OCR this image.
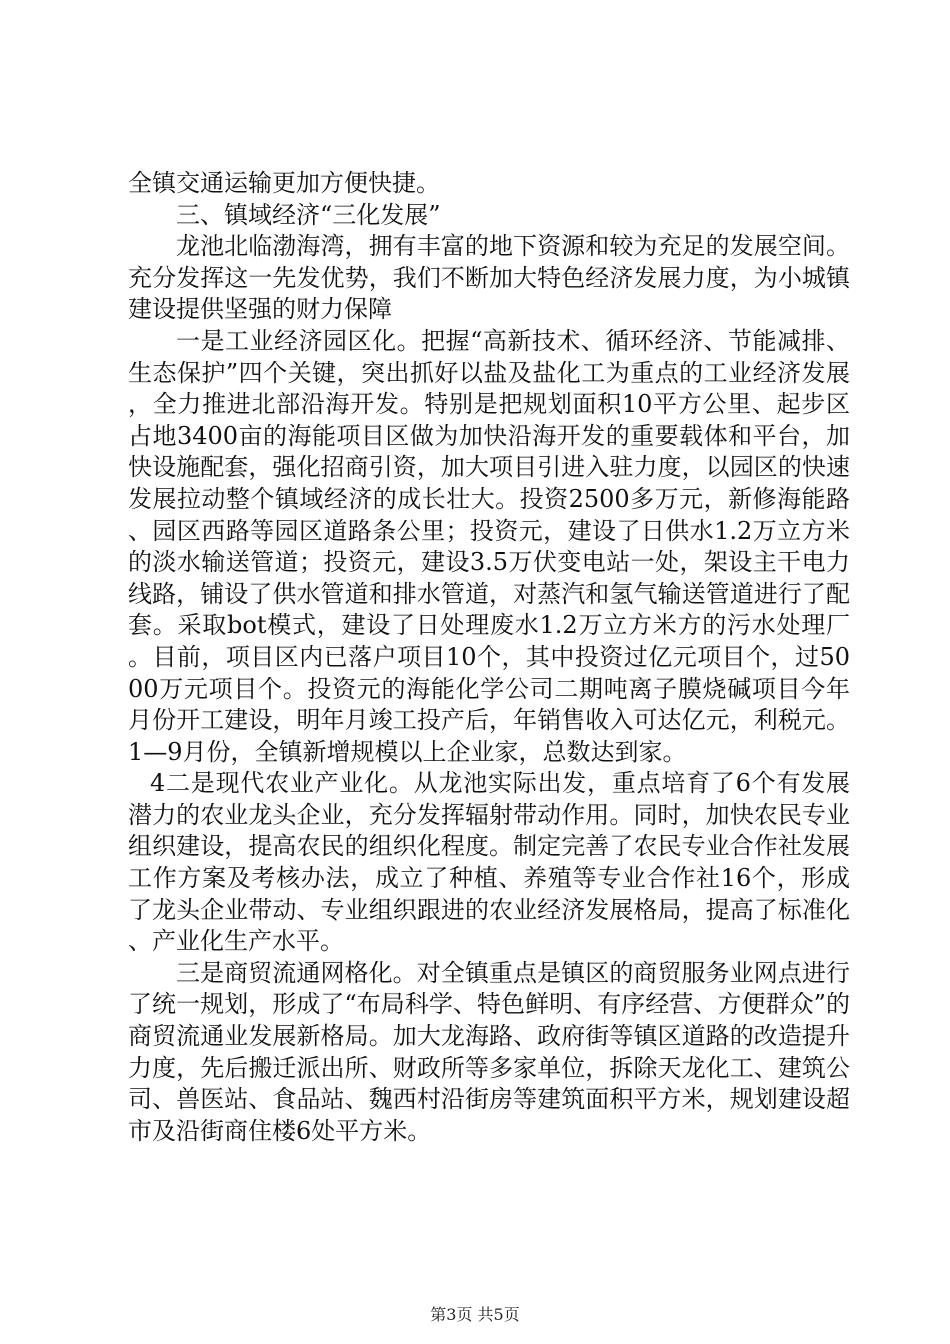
全镇交通运输更加方便快捷。

三、镇域经济“三化发展”

龙池北临渤海湾，拥有丰富的地下资源和较为充足的发展空间。充分发挥这一先发优势，我们不断加大特色经济发展力度，为小城镇建设提供坚强的财力保障

一是工业经济园区化。把握“高新技术、循环经济、节能减排、生态保护”四个关键，突出抓好以盐及盐化工为重点的工业经济发展，全力推进北部沿海开发。特别是把规划面积10平方公里、起步区占地3400亩的海能项目区做为加快沿海开发的重要载体和平台，加快设施配套，强化招商引资，加大项目引进入驻力度，以园区的快速发展拉动整个镇域经济的成长壮大。投资2500多万元，新修海能路、园区西路等园区道路条公里；投资元，建设了日供水1.2万立方米的淡水输送管道；投资元，建设3.5万伏变电站一处，架设主干电力线路，铺设了供水管道和排水管道，对蒸汽和氢气输送管道进行了配套。采取bot模式，建设了日处理废水1.2万立方米方的污水处理厂。目前，项目区内已落户项目10个，其中投资过亿元项目个，过5000万元项目个。投资元的海能化学公司二期吨离子膜烧碱项目今年月份开工建设，明年月竣工投产后，年销售收入可达亿元，利税元。1—9月份，全镇新增规模以上企业家，总数达到家。

4二是现代农业产业化。从龙池实际出发，重点培育了6个有发展潜力的农业龙头企业，充分发挥辐射带动作用。同时，加快农民专业组织建设，提高农民的组织化程度。制定完善了农民专业合作社发展工作方案及考核办法，成立了种植、养殖等专业合作社16个，形成了龙头企业带动、专业组织跟进的农业经济发展格局，提高了标准化、产业化生产水平。

三是商贸流通网格化。对全镇重点是镇区的商贸服务业网点进行了统一规划，形成了“布局科学、特色鲜明、有序经营、方便群众”的商贸流通业发展新格局。加大龙海路、政府街等镇区道路的改造提升力度，先后搬迁派出所、财政所等多家单位，拆除天龙化工、建筑公司、兽医站、食品站、魏西村沿街房等建筑面积平方米，规划建设超市及沿街商住楼6处平方米。

第3页 共5页
